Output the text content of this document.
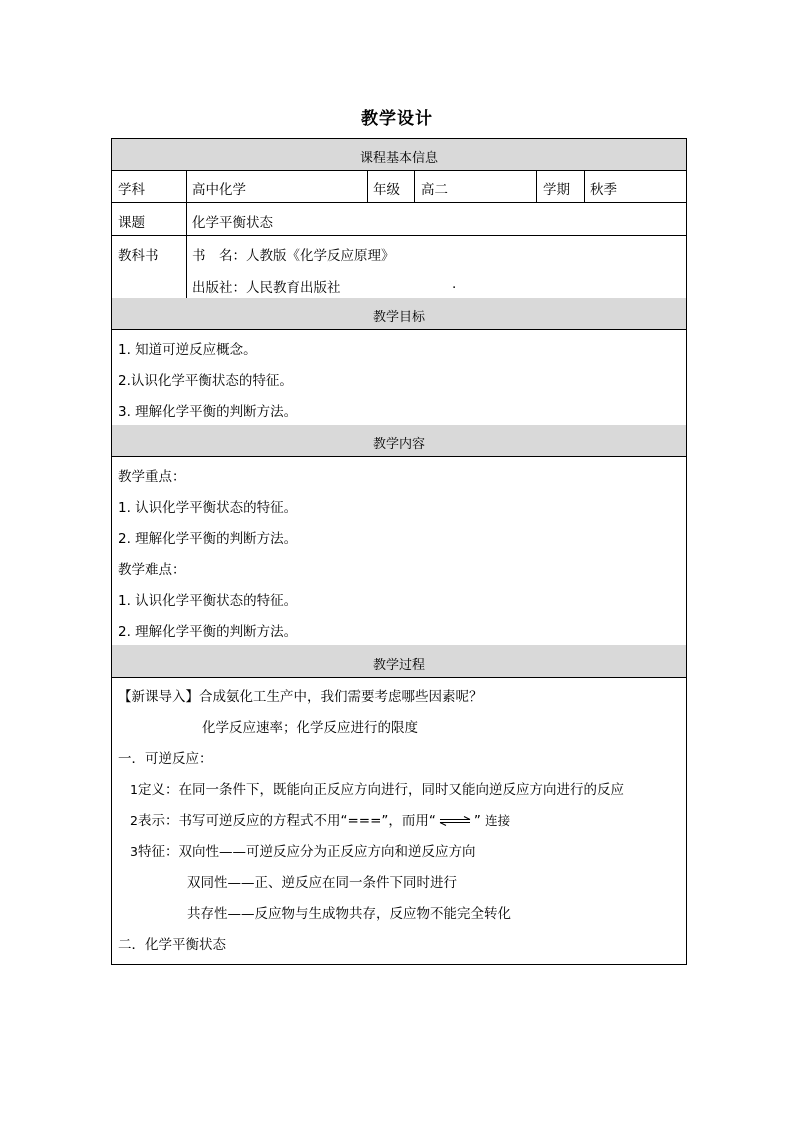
教学设计
课程基本信息
学科	高中化学	年级 高二	学期 秋季
课题	化学平衡状态
教科书 书　名：人教版《化学反应原理》
出版社：人民教育出版社	.
教学目标
1. 知道可逆反应概念。
2.认识化学平衡状态的特征。
3. 理解化学平衡的判断方法。
教学内容
教学重点：
1. 认识化学平衡状态的特征。
2. 理解化学平衡的判断方法。
教学难点：
1. 认识化学平衡状态的特征。
2. 理解化学平衡的判断方法。
教学过程
【新课导入】合成氨化工生产中，我们需要考虑哪些因素呢？
化学反应速率；化学反应进行的限度
一．可逆反应：
1定义：在同一条件下，既能向正反应方向进行，同时又能向逆反应方向进行的反应
2表示：书写可逆反应的方程式不用“===”，而用“ ⇌ ” 连接
3特征：双向性——可逆反应分为正反应方向和逆反应方向
双同性——正、逆反应在同一条件下同时进行
共存性——反应物与生成物共存，反应物不能完全转化
二．化学平衡状态
